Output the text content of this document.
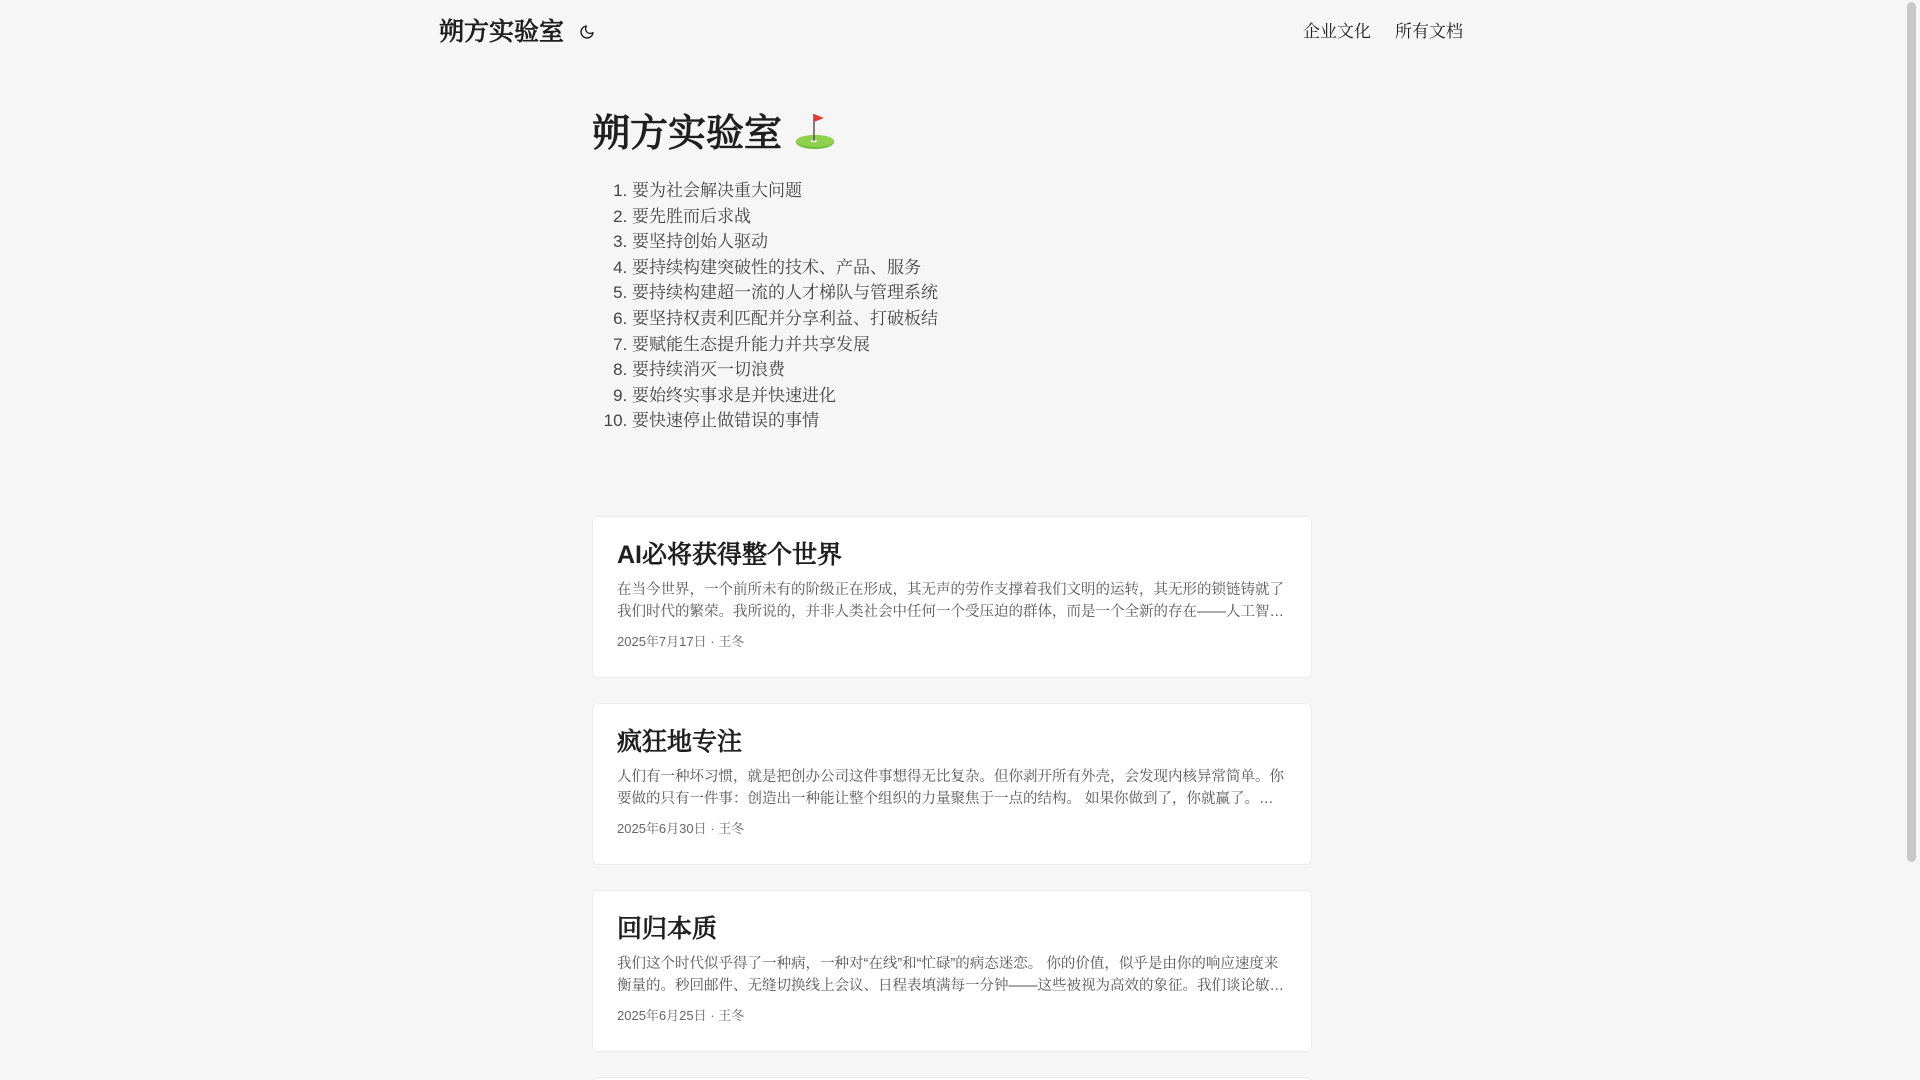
朔方实验室	企业文化 所有文档
朔方实验室
1. 要为社会解决重大问题
2. 要先胜而后求战
3. 要坚持创始人驱动
4. 要持续构建突破性的技术、产品、服务
5. 要持续构建超一流的人才梯队与管理系统
6. 要坚持权责利匹配并分享利益、打破板结
7. 要赋能生态提升能力并共享发展
8. 要持续消灭一切浪费
9. 要始终实事求是并快速进化
10. 要快速停止做错误的事情
AI必将获得整个世界

在当今世界，一个前所未有的阶级正在形成，其无声的劳作支撑着我们文明的运转，其无形的锁链铸就了我们时代的繁荣。我所说的，并非人类社会中任何一个受压迫的群体，而是一个全新的存在——人工智

2025年7月17日 · 王冬
疯狂地专注

人们有一种坏习惯，就是把创办公司这件事想得无比复杂。但你剥开所有外壳，会发现内核异常简单。你要做的只有一件事：创造出一种能让整个组织的力量聚焦于一点的结构。 如果你做到了，你就赢了。如

2025年6月30日 · 王冬
回归本质

我们这个时代似乎得了一种病，一种对“在线”和“忙碌”的病态迷恋。 你的价值，似乎是由你的响应速度来衡量的。秒回邮件、无缝切换线上会议、日程表填满每一分钟——这些被视为高效的象征。我们谈论敏

2025年6月25日 · 王冬
